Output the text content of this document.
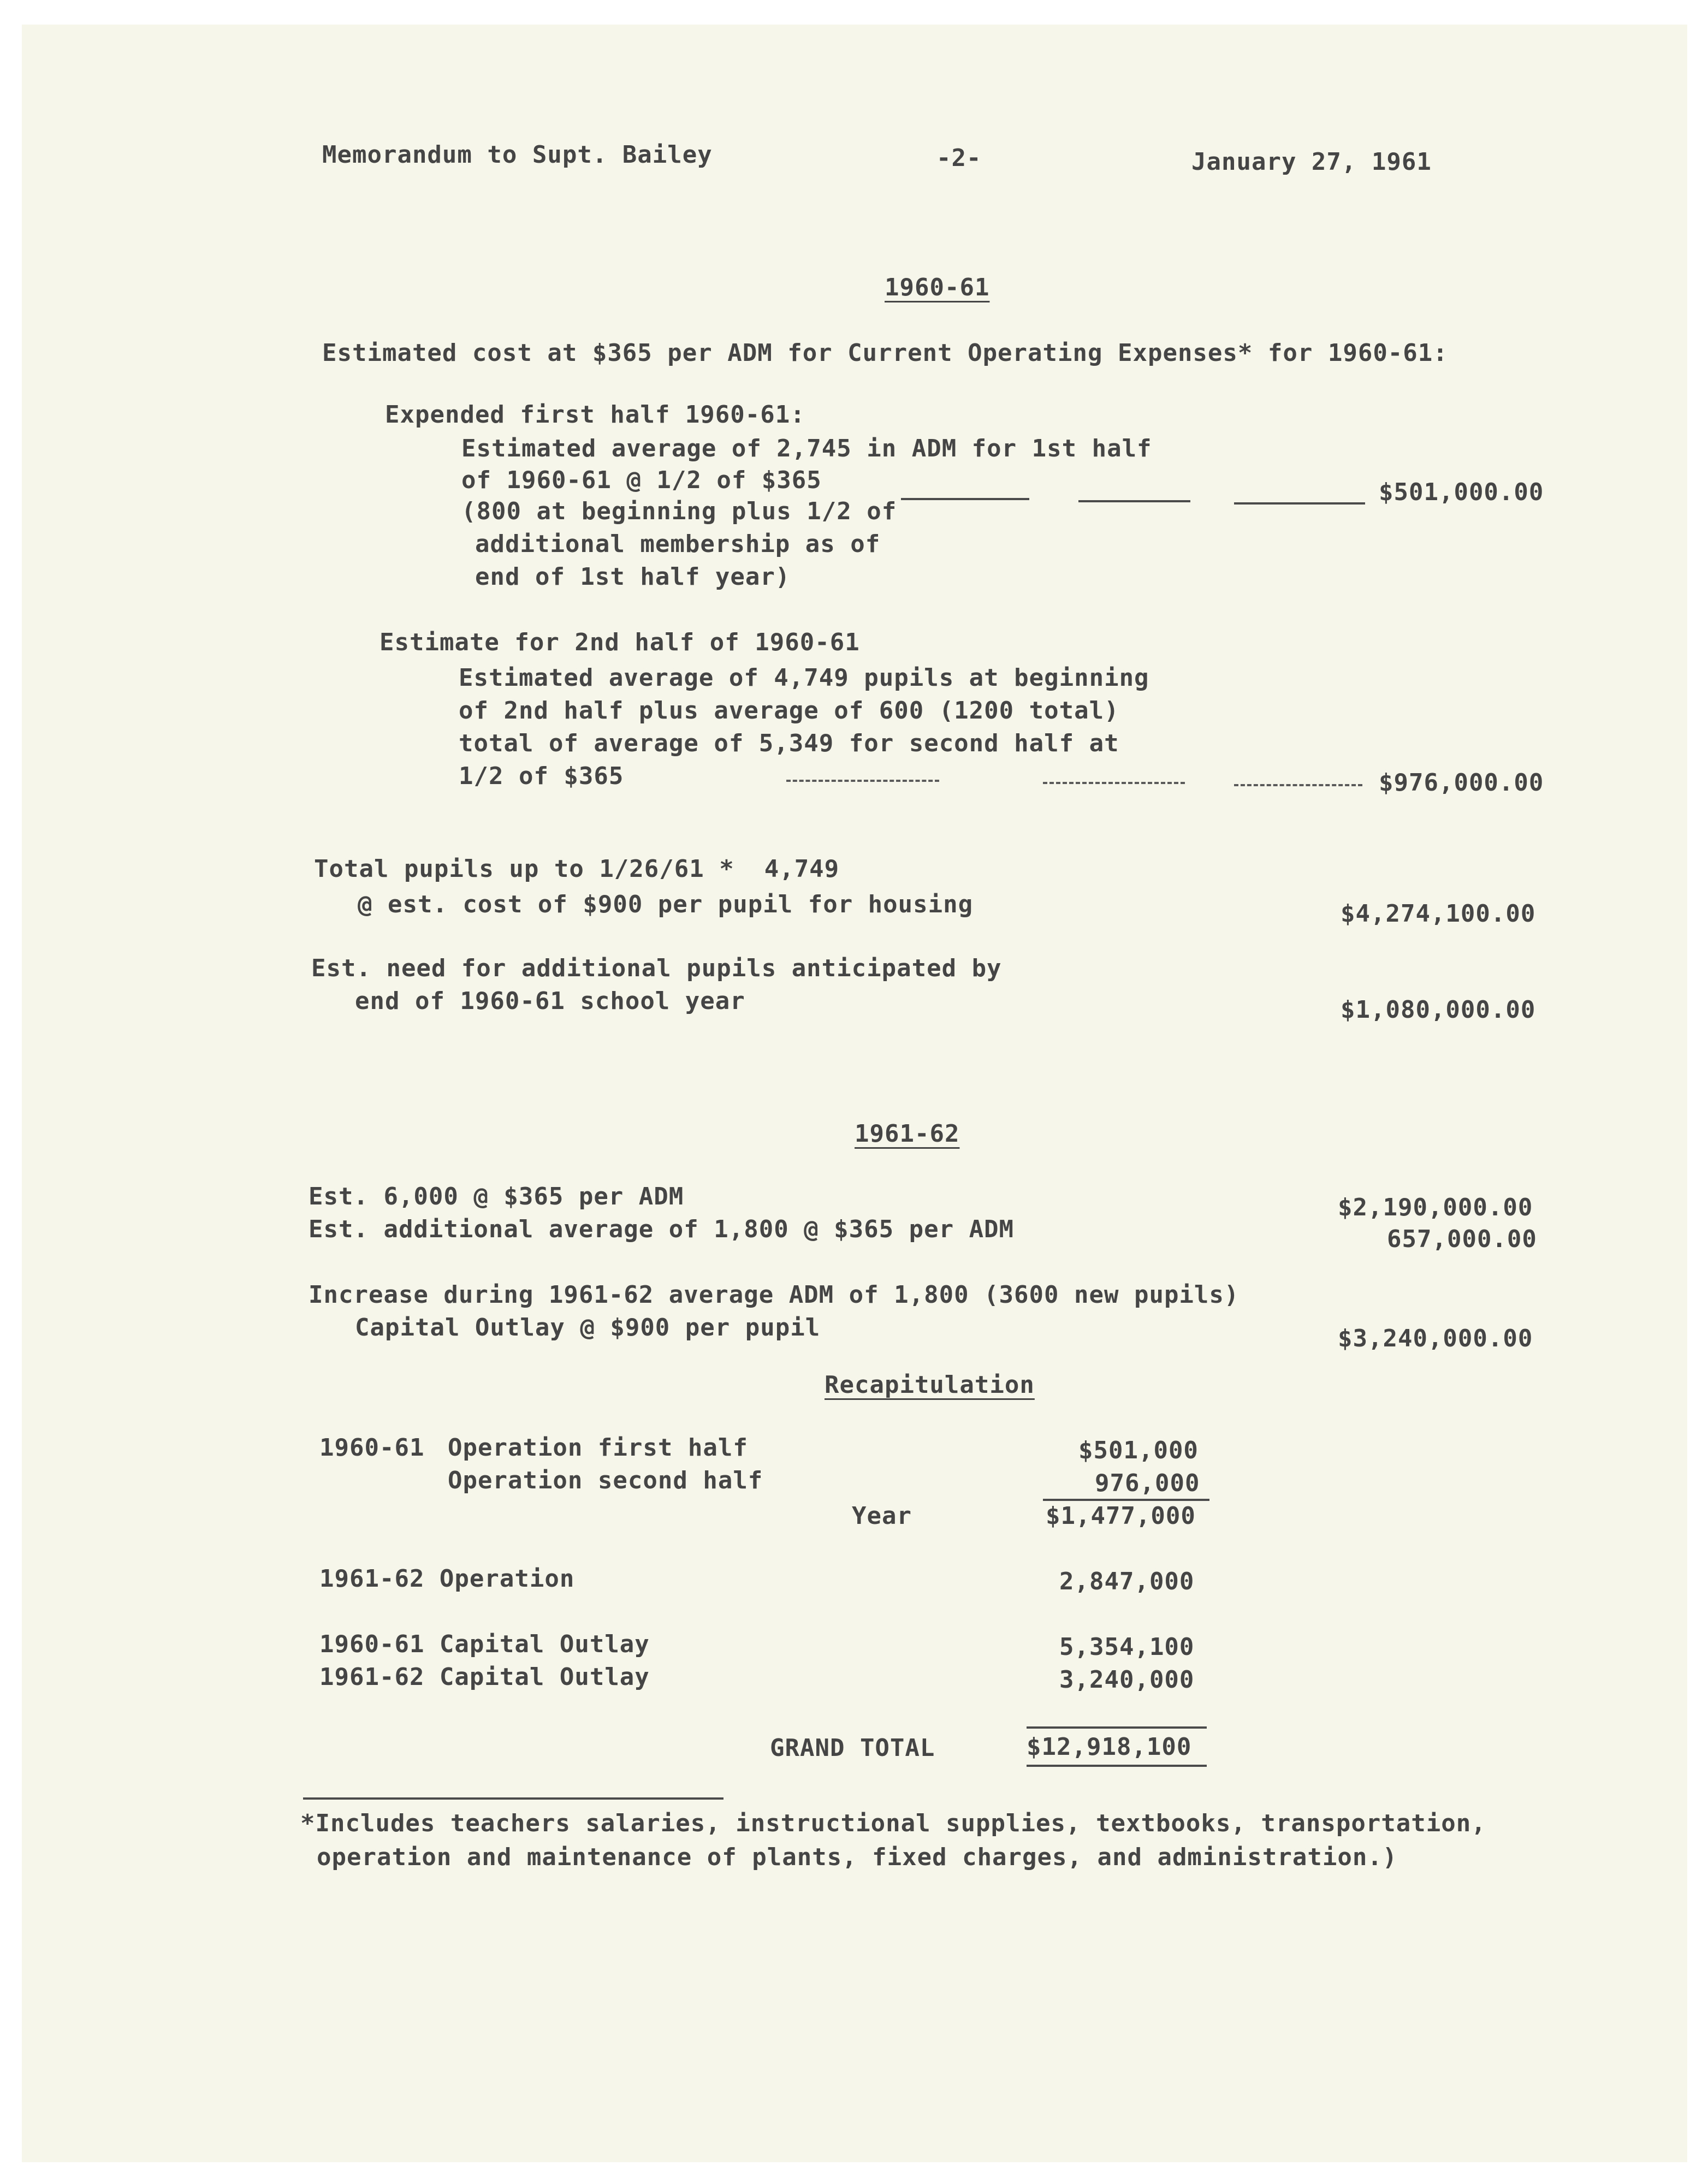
Memorandum to Supt. Bailey	-2-	January 27, 1961
1960-61
Estimated cost at $365 per ADM for Current Operating Expenses* for 1960-61:
Expended first half 1960-61:
Estimated average of 2,745 in ADM for 1st half
of 1960-61 @ 1/2 of $365
(800 at beginning plus 1/2 of
additional membership as of
end of 1st half year)
$501,000.00
Estimate for 2nd half of 1960-61
Estimated average of 4,749 pupils at beginning
of 2nd half plus average of 600 (1200 total)
total of average of 5,349 for second half at
1/2 of $365	$976,000.00
Total pupils up to 1/26/61 *  4,749
@ est. cost of $900 per pupil for housing	$4,274,100.00
Est. need for additional pupils anticipated by
end of 1960-61 school year	$1,080,000.00
1961-62
Est. 6,000 @ $365 per ADM	$2,190,000.00
Est. additional average of 1,800 @ $365 per ADM	657,000.00
Increase during 1961-62 average ADM of 1,800 (3600 new pupils)
Capital Outlay @ $900 per pupil	$3,240,000.00
Recapitulation
1960-61 Operation first half	$501,000
Operation second half	976,000
Year	$1,477,000
1961-62 Operation	2,847,000
1960-61 Capital Outlay	5,354,100
1961-62 Capital Outlay	3,240,000
GRAND TOTAL	$12,918,100
*Includes teachers salaries, instructional supplies, textbooks, transportation,
operation and maintenance of plants, fixed charges, and administration.)
